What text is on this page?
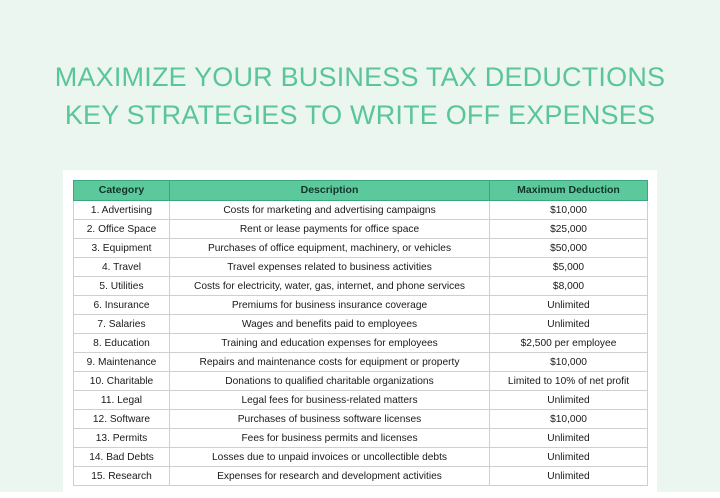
MAXIMIZE YOUR BUSINESS TAX DEDUCTIONS
KEY STRATEGIES TO WRITE OFF EXPENSES
Category	Description	Maximum Deduction
1. Advertising	Costs for marketing and advertising campaigns	$10,000
2. Office Space	Rent or lease payments for office space	$25,000
3. Equipment	Purchases of office equipment, machinery, or vehicles	$50,000
4. Travel	Travel expenses related to business activities	$5,000
5. Utilities	Costs for electricity, water, gas, internet, and phone services	$8,000
6. Insurance	Premiums for business insurance coverage	Unlimited
7. Salaries	Wages and benefits paid to employees	Unlimited
8. Education	Training and education expenses for employees	$2,500 per employee
9. Maintenance	Repairs and maintenance costs for equipment or property	$10,000
10. Charitable	Donations to qualified charitable organizations	Limited to 10% of net profit
11. Legal	Legal fees for business-related matters	Unlimited
12. Software	Purchases of business software licenses	$10,000
13. Permits	Fees for business permits and licenses	Unlimited
14. Bad Debts	Losses due to unpaid invoices or uncollectible debts	Unlimited
15. Research	Expenses for research and development activities	Unlimited
